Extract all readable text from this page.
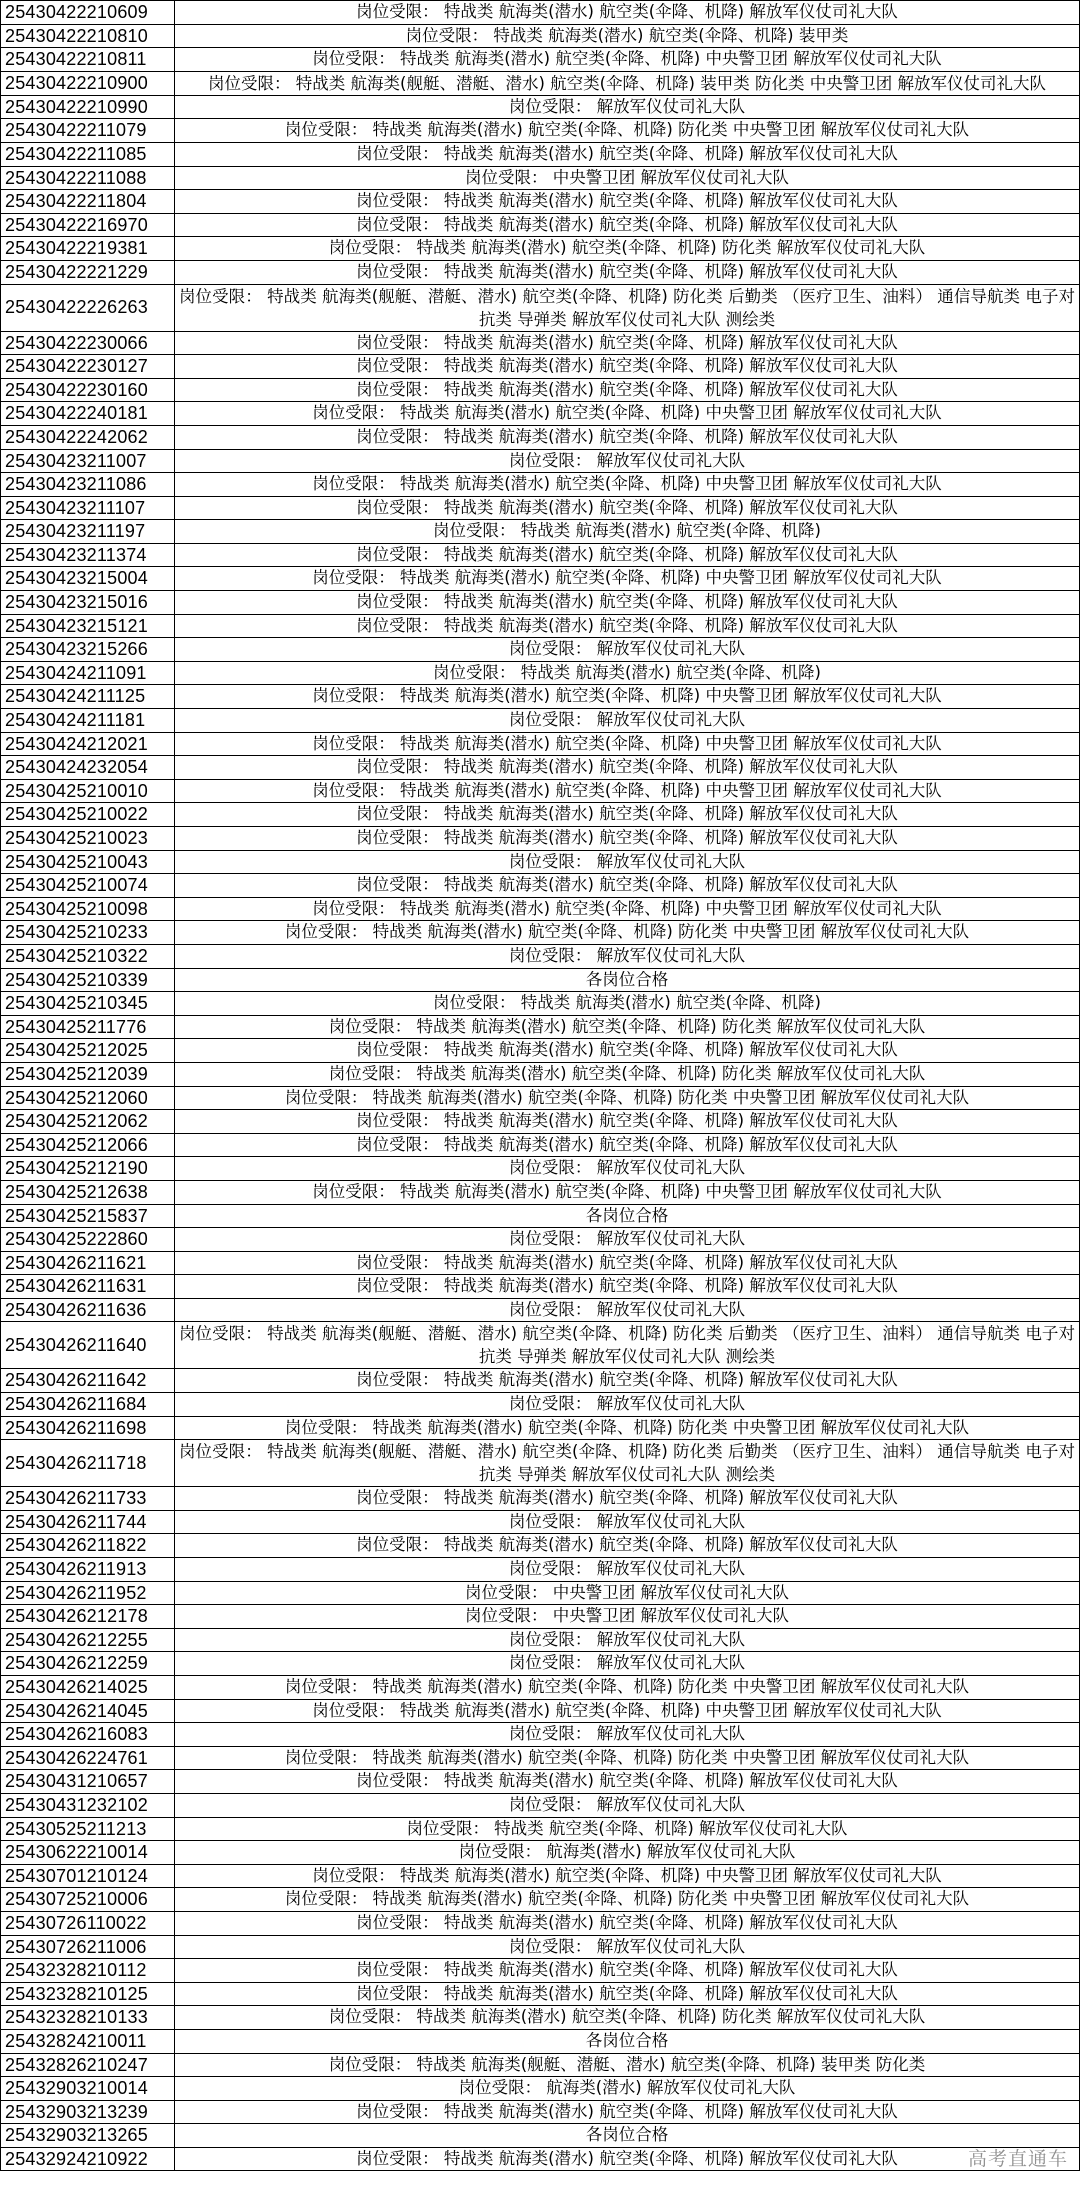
25430422210609	岗位受限： 特战类 航海类(潜水) 航空类(伞降、机降) 解放军仪仗司礼大队
25430422210810	岗位受限： 特战类 航海类(潜水) 航空类(伞降、机降) 装甲类
25430422210811	岗位受限： 特战类 航海类(潜水) 航空类(伞降、机降) 中央警卫团 解放军仪仗司礼大队
25430422210900	岗位受限： 特战类 航海类(舰艇、潜艇、潜水) 航空类(伞降、机降) 装甲类 防化类 中央警卫团 解放军仪仗司礼大队
25430422210990	岗位受限： 解放军仪仗司礼大队
25430422211079	岗位受限： 特战类 航海类(潜水) 航空类(伞降、机降) 防化类 中央警卫团 解放军仪仗司礼大队
25430422211085	岗位受限： 特战类 航海类(潜水) 航空类(伞降、机降) 解放军仪仗司礼大队
25430422211088	岗位受限： 中央警卫团 解放军仪仗司礼大队
25430422211804	岗位受限： 特战类 航海类(潜水) 航空类(伞降、机降) 解放军仪仗司礼大队
25430422216970	岗位受限： 特战类 航海类(潜水) 航空类(伞降、机降) 解放军仪仗司礼大队
25430422219381	岗位受限： 特战类 航海类(潜水) 航空类(伞降、机降) 防化类 解放军仪仗司礼大队
25430422221229	岗位受限： 特战类 航海类(潜水) 航空类(伞降、机降) 解放军仪仗司礼大队
25430422226263	岗位受限： 特战类 航海类(舰艇、潜艇、潜水) 航空类(伞降、机降) 防化类 后勤类 （医疗卫生、油料） 通信导航类 电子对抗类 导弹类 解放军仪仗司礼大队 测绘类
25430422230066	岗位受限： 特战类 航海类(潜水) 航空类(伞降、机降) 解放军仪仗司礼大队
25430422230127	岗位受限： 特战类 航海类(潜水) 航空类(伞降、机降) 解放军仪仗司礼大队
25430422230160	岗位受限： 特战类 航海类(潜水) 航空类(伞降、机降) 解放军仪仗司礼大队
25430422240181	岗位受限： 特战类 航海类(潜水) 航空类(伞降、机降) 中央警卫团 解放军仪仗司礼大队
25430422242062	岗位受限： 特战类 航海类(潜水) 航空类(伞降、机降) 解放军仪仗司礼大队
25430423211007	岗位受限： 解放军仪仗司礼大队
25430423211086	岗位受限： 特战类 航海类(潜水) 航空类(伞降、机降) 中央警卫团 解放军仪仗司礼大队
25430423211107	岗位受限： 特战类 航海类(潜水) 航空类(伞降、机降) 解放军仪仗司礼大队
25430423211197	岗位受限： 特战类 航海类(潜水) 航空类(伞降、机降)
25430423211374	岗位受限： 特战类 航海类(潜水) 航空类(伞降、机降) 解放军仪仗司礼大队
25430423215004	岗位受限： 特战类 航海类(潜水) 航空类(伞降、机降) 中央警卫团 解放军仪仗司礼大队
25430423215016	岗位受限： 特战类 航海类(潜水) 航空类(伞降、机降) 解放军仪仗司礼大队
25430423215121	岗位受限： 特战类 航海类(潜水) 航空类(伞降、机降) 解放军仪仗司礼大队
25430423215266	岗位受限： 解放军仪仗司礼大队
25430424211091	岗位受限： 特战类 航海类(潜水) 航空类(伞降、机降)
25430424211125	岗位受限： 特战类 航海类(潜水) 航空类(伞降、机降) 中央警卫团 解放军仪仗司礼大队
25430424211181	岗位受限： 解放军仪仗司礼大队
25430424212021	岗位受限： 特战类 航海类(潜水) 航空类(伞降、机降) 中央警卫团 解放军仪仗司礼大队
25430424232054	岗位受限： 特战类 航海类(潜水) 航空类(伞降、机降) 解放军仪仗司礼大队
25430425210010	岗位受限： 特战类 航海类(潜水) 航空类(伞降、机降) 中央警卫团 解放军仪仗司礼大队
25430425210022	岗位受限： 特战类 航海类(潜水) 航空类(伞降、机降) 解放军仪仗司礼大队
25430425210023	岗位受限： 特战类 航海类(潜水) 航空类(伞降、机降) 解放军仪仗司礼大队
25430425210043	岗位受限： 解放军仪仗司礼大队
25430425210074	岗位受限： 特战类 航海类(潜水) 航空类(伞降、机降) 解放军仪仗司礼大队
25430425210098	岗位受限： 特战类 航海类(潜水) 航空类(伞降、机降) 中央警卫团 解放军仪仗司礼大队
25430425210233	岗位受限： 特战类 航海类(潜水) 航空类(伞降、机降) 防化类 中央警卫团 解放军仪仗司礼大队
25430425210322	岗位受限： 解放军仪仗司礼大队
25430425210339	各岗位合格
25430425210345	岗位受限： 特战类 航海类(潜水) 航空类(伞降、机降)
25430425211776	岗位受限： 特战类 航海类(潜水) 航空类(伞降、机降) 防化类 解放军仪仗司礼大队
25430425212025	岗位受限： 特战类 航海类(潜水) 航空类(伞降、机降) 解放军仪仗司礼大队
25430425212039	岗位受限： 特战类 航海类(潜水) 航空类(伞降、机降) 防化类 解放军仪仗司礼大队
25430425212060	岗位受限： 特战类 航海类(潜水) 航空类(伞降、机降) 防化类 中央警卫团 解放军仪仗司礼大队
25430425212062	岗位受限： 特战类 航海类(潜水) 航空类(伞降、机降) 解放军仪仗司礼大队
25430425212066	岗位受限： 特战类 航海类(潜水) 航空类(伞降、机降) 解放军仪仗司礼大队
25430425212190	岗位受限： 解放军仪仗司礼大队
25430425212638	岗位受限： 特战类 航海类(潜水) 航空类(伞降、机降) 中央警卫团 解放军仪仗司礼大队
25430425215837	各岗位合格
25430425222860	岗位受限： 解放军仪仗司礼大队
25430426211621	岗位受限： 特战类 航海类(潜水) 航空类(伞降、机降) 解放军仪仗司礼大队
25430426211631	岗位受限： 特战类 航海类(潜水) 航空类(伞降、机降) 解放军仪仗司礼大队
25430426211636	岗位受限： 解放军仪仗司礼大队
25430426211640	岗位受限： 特战类 航海类(舰艇、潜艇、潜水) 航空类(伞降、机降) 防化类 后勤类 （医疗卫生、油料） 通信导航类 电子对抗类 导弹类 解放军仪仗司礼大队 测绘类
25430426211642	岗位受限： 特战类 航海类(潜水) 航空类(伞降、机降) 解放军仪仗司礼大队
25430426211684	岗位受限： 解放军仪仗司礼大队
25430426211698	岗位受限： 特战类 航海类(潜水) 航空类(伞降、机降) 防化类 中央警卫团 解放军仪仗司礼大队
25430426211718	岗位受限： 特战类 航海类(舰艇、潜艇、潜水) 航空类(伞降、机降) 防化类 后勤类 （医疗卫生、油料） 通信导航类 电子对抗类 导弹类 解放军仪仗司礼大队 测绘类
25430426211733	岗位受限： 特战类 航海类(潜水) 航空类(伞降、机降) 解放军仪仗司礼大队
25430426211744	岗位受限： 解放军仪仗司礼大队
25430426211822	岗位受限： 特战类 航海类(潜水) 航空类(伞降、机降) 解放军仪仗司礼大队
25430426211913	岗位受限： 解放军仪仗司礼大队
25430426211952	岗位受限： 中央警卫团 解放军仪仗司礼大队
25430426212178	岗位受限： 中央警卫团 解放军仪仗司礼大队
25430426212255	岗位受限： 解放军仪仗司礼大队
25430426212259	岗位受限： 解放军仪仗司礼大队
25430426214025	岗位受限： 特战类 航海类(潜水) 航空类(伞降、机降) 防化类 中央警卫团 解放军仪仗司礼大队
25430426214045	岗位受限： 特战类 航海类(潜水) 航空类(伞降、机降) 中央警卫团 解放军仪仗司礼大队
25430426216083	岗位受限： 解放军仪仗司礼大队
25430426224761	岗位受限： 特战类 航海类(潜水) 航空类(伞降、机降) 防化类 中央警卫团 解放军仪仗司礼大队
25430431210657	岗位受限： 特战类 航海类(潜水) 航空类(伞降、机降) 解放军仪仗司礼大队
25430431232102	岗位受限： 解放军仪仗司礼大队
25430525211213	岗位受限： 特战类 航空类(伞降、机降) 解放军仪仗司礼大队
25430622210014	岗位受限： 航海类(潜水) 解放军仪仗司礼大队
25430701210124	岗位受限： 特战类 航海类(潜水) 航空类(伞降、机降) 中央警卫团 解放军仪仗司礼大队
25430725210006	岗位受限： 特战类 航海类(潜水) 航空类(伞降、机降) 防化类 中央警卫团 解放军仪仗司礼大队
25430726110022	岗位受限： 特战类 航海类(潜水) 航空类(伞降、机降) 解放军仪仗司礼大队
25430726211006	岗位受限： 解放军仪仗司礼大队
25432328210112	岗位受限： 特战类 航海类(潜水) 航空类(伞降、机降) 解放军仪仗司礼大队
25432328210125	岗位受限： 特战类 航海类(潜水) 航空类(伞降、机降) 解放军仪仗司礼大队
25432328210133	岗位受限： 特战类 航海类(潜水) 航空类(伞降、机降) 防化类 解放军仪仗司礼大队
25432824210011	各岗位合格
25432826210247	岗位受限： 特战类 航海类(舰艇、潜艇、潜水) 航空类(伞降、机降) 装甲类 防化类
25432903210014	岗位受限： 航海类(潜水) 解放军仪仗司礼大队
25432903213239	岗位受限： 特战类 航海类(潜水) 航空类(伞降、机降) 解放军仪仗司礼大队
25432903213265	各岗位合格
25432924210922	岗位受限： 特战类 航海类(潜水) 航空类(伞降、机降) 解放军仪仗司礼大队	高考直通车
